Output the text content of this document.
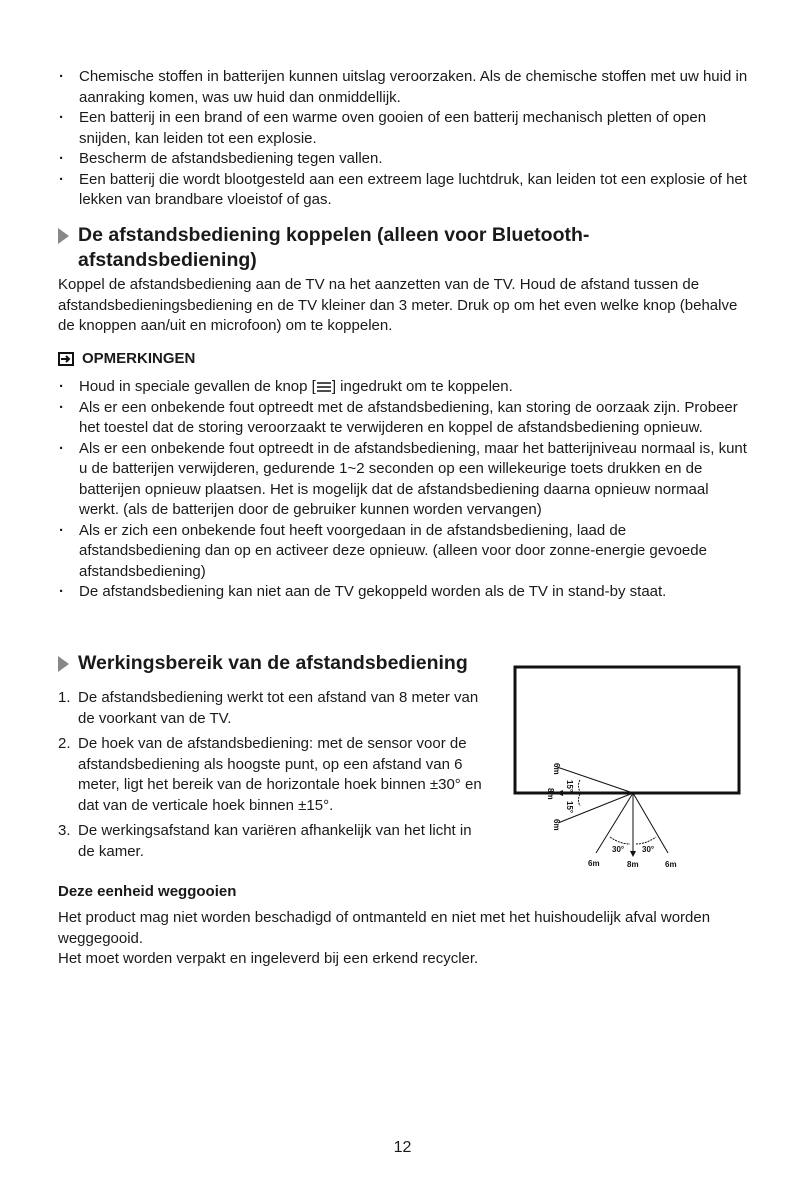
· Chemische stoffen in batterijen kunnen uitslag veroorzaken. Als de chemische stoffen met uw huid in aanraking komen, was uw huid dan onmiddellijk.
· Een batterij in een brand of een warme oven gooien of een batterij mechanisch pletten of open snijden, kan leiden tot een explosie.
· Bescherm de afstandsbediening tegen vallen.
· Een batterij die wordt blootgesteld aan een extreem lage luchtdruk, kan leiden tot een explosie of het lekken van brandbare vloeistof of gas.
De afstandsbediening koppelen (alleen voor Bluetooth-afstandsbediening)

Koppel de afstandsbediening aan de TV na het aanzetten van de TV. Houd de afstand tussen de afstandsbedieningsbediening en de TV kleiner dan 3 meter. Druk op om het even welke knop (behalve de knoppen aan/uit en microfoon) om te koppelen.

OPMERKINGEN
· Houd in speciale gevallen de knop [ ] ingedrukt om te koppelen.
· Als er een onbekende fout optreedt met de afstandsbediening, kan storing de oorzaak zijn. Probeer het toestel dat de storing veroorzaakt te verwijderen en koppel de afstandsbediening opnieuw.
· Als er een onbekende fout optreedt in de afstandsbediening, maar het batterijniveau normaal is, kunt u de batterijen verwijderen, gedurende 1~2 seconden op een willekeurige toets drukken en de batterijen opnieuw plaatsen. Het is mogelijk dat de afstandsbediening daarna opnieuw normaal werkt. (als de batterijen door de gebruiker kunnen worden vervangen)
· Als er zich een onbekende fout heeft voorgedaan in de afstandsbediening, laad de afstandsbediening dan op en activeer deze opnieuw. (alleen voor door zonne-energie gevoede afstandsbediening)
· De afstandsbediening kan niet aan de TV gekoppeld worden als de TV in stand-by staat.
Werkingsbereik van de afstandsbediening
1. De afstandsbediening werkt tot een afstand van 8 meter van de voorkant van de TV.
2. De hoek van de afstandsbediening: met de sensor voor de afstandsbediening als hoogste punt, op een afstand van 6 meter, ligt het bereik van de horizontale hoek binnen ±30° en dat van de verticale hoek binnen ±15°.
3. De werkingsafstand kan variëren afhankelijk van het licht in de kamer.
6m
15°
8m
15°
6m
6m
30°
8m
30°
6m

Deze eenheid weggooien

Het product mag niet worden beschadigd of ontmanteld en niet met het huishoudelijk afval worden weggegooid.

Het moet worden verpakt en ingeleverd bij een erkend recycler.

12
